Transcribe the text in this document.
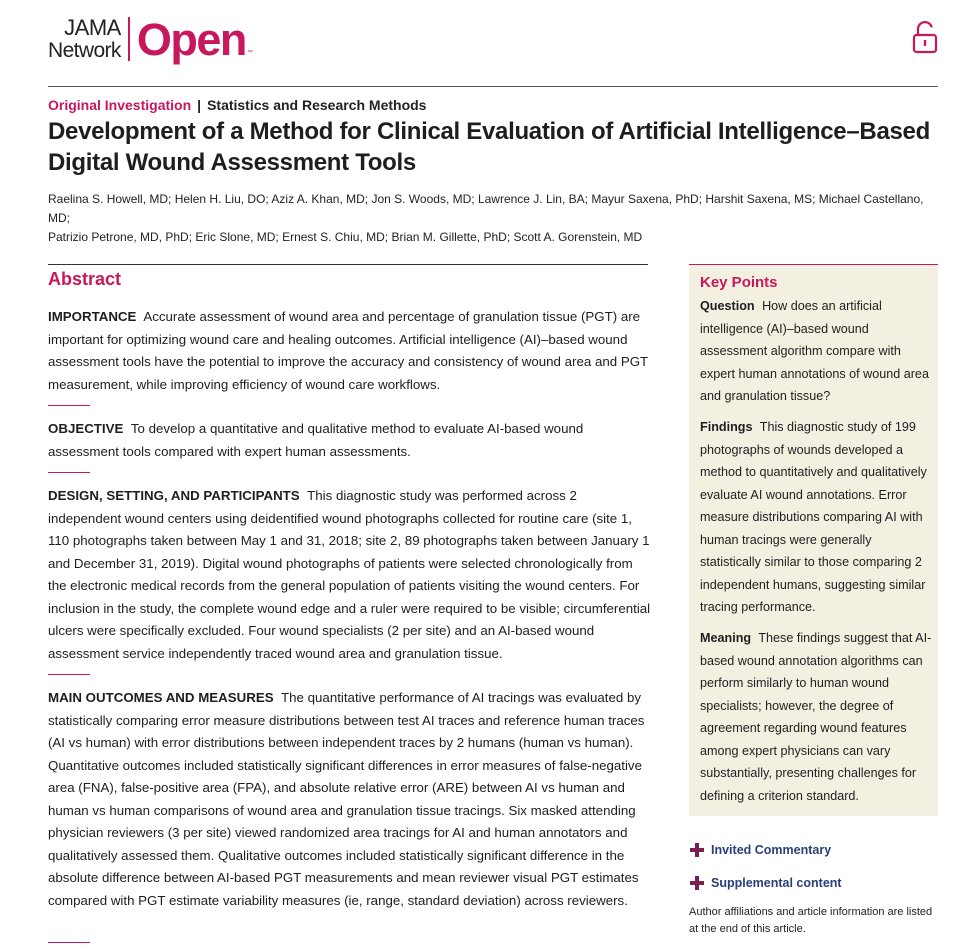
JAMA
Network Open ™
Original Investigation | Statistics and Research Methods
Development of a Method for Clinical Evaluation of Artificial Intelligence–Based Digital Wound Assessment Tools
Raelina S. Howell, MD; Helen H. Liu, DO; Aziz A. Khan, MD; Jon S. Woods, MD; Lawrence J. Lin, BA; Mayur Saxena, PhD; Harshit Saxena, MS; Michael Castellano, MD;
Patrizio Petrone, MD, PhD; Eric Slone, MD; Ernest S. Chiu, MD; Brian M. Gillette, PhD; Scott A. Gorenstein, MD
Abstract
IMPORTANCE Accurate assessment of wound area and percentage of granulation tissue (PGT) are important for optimizing wound care and healing outcomes. Artificial intelligence (AI)–based wound assessment tools have the potential to improve the accuracy and consistency of wound area and PGT measurement, while improving efficiency of wound care workflows.
OBJECTIVE To develop a quantitative and qualitative method to evaluate AI-based wound assessment tools compared with expert human assessments.
DESIGN, SETTING, AND PARTICIPANTS This diagnostic study was performed across 2 independent wound centers using deidentified wound photographs collected for routine care (site 1, 110 photographs taken between May 1 and 31, 2018; site 2, 89 photographs taken between January 1 and December 31, 2019). Digital wound photographs of patients were selected chronologically from the electronic medical records from the general population of patients visiting the wound centers. For inclusion in the study, the complete wound edge and a ruler were required to be visible; circumferential ulcers were specifically excluded. Four wound specialists (2 per site) and an AI-based wound assessment service independently traced wound area and granulation tissue.
MAIN OUTCOMES AND MEASURES The quantitative performance of AI tracings was evaluated by statistically comparing error measure distributions between test AI traces and reference human traces (AI vs human) with error distributions between independent traces by 2 humans (human vs human). Quantitative outcomes included statistically significant differences in error measures of false-negative area (FNA), false-positive area (FPA), and absolute relative error (ARE) between AI vs human and human vs human comparisons of wound area and granulation tissue tracings. Six masked attending physician reviewers (3 per site) viewed randomized area tracings for AI and human annotators and qualitatively assessed them. Qualitative outcomes included statistically significant difference in the absolute difference between AI-based PGT measurements and mean reviewer visual PGT estimates compared with PGT estimate variability measures (ie, range, standard deviation) across reviewers.
Key Points
Question How does an artificial intelligence (AI)–based wound assessment algorithm compare with expert human annotations of wound area and granulation tissue?
Findings This diagnostic study of 199 photographs of wounds developed a method to quantitatively and qualitatively evaluate AI wound annotations. Error measure distributions comparing AI with human tracings were generally statistically similar to those comparing 2 independent humans, suggesting similar tracing performance.
Meaning These findings suggest that AI-based wound annotation algorithms can perform similarly to human wound specialists; however, the degree of agreement regarding wound features among expert physicians can vary substantially, presenting challenges for defining a criterion standard.
Invited Commentary
Supplemental content
Author affiliations and article information are listed at the end of this article.
